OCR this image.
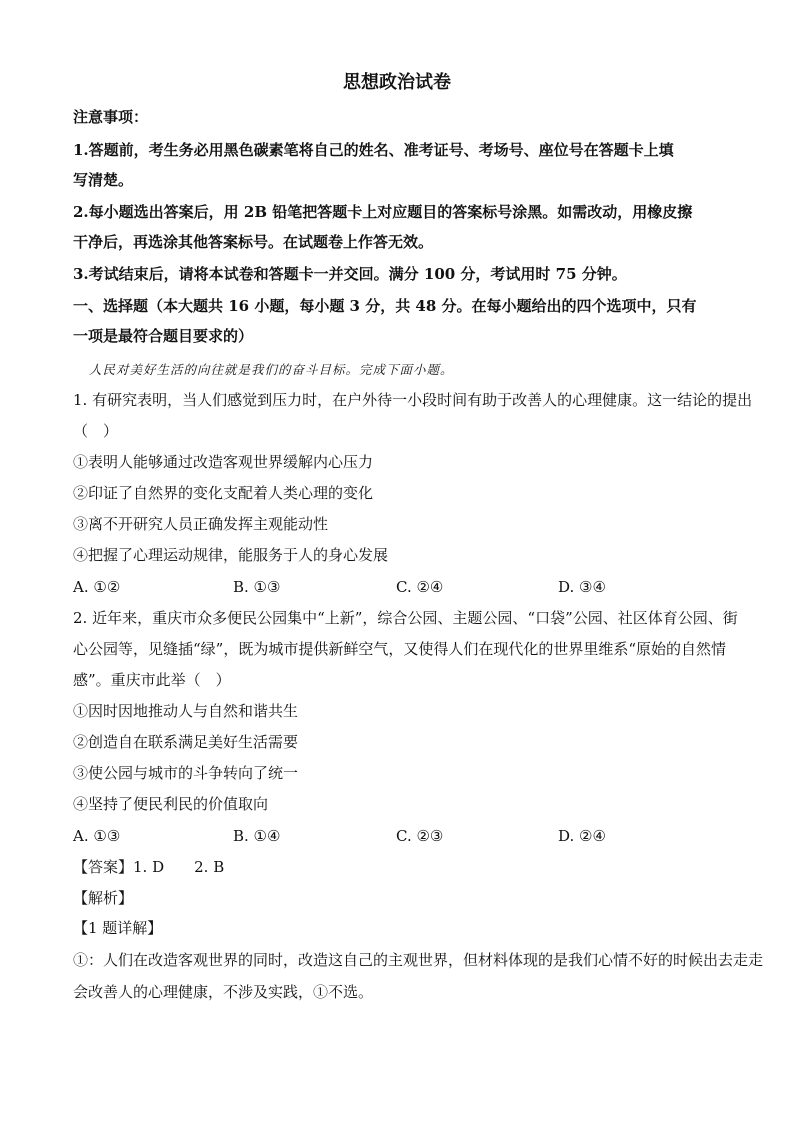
思想政治试卷
注意事项：
1.答题前，考生务必用黑色碳素笔将自己的姓名、准考证号、考场号、座位号在答题卡上填
写清楚。
2.每小题选出答案后，用 2B 铅笔把答题卡上对应题目的答案标号涂黑。如需改动，用橡皮擦
干净后，再选涂其他答案标号。在试题卷上作答无效。
3.考试结束后，请将本试卷和答题卡一并交回。满分 100 分，考试用时 75 分钟。
一、选择题（本大题共 16 小题，每小题 3 分，共 48 分。在每小题给出的四个选项中，只有
一项是最符合题目要求的）
人民对美好生活的向往就是我们的奋斗目标。完成下面小题。
1. 有研究表明，当人们感觉到压力时，在户外待一小段时间有助于改善人的心理健康。这一结论的提出
（　）
①表明人能够通过改造客观世界缓解内心压力
②印证了自然界的变化支配着人类心理的变化
③离不开研究人员正确发挥主观能动性
④把握了心理运动规律，能服务于人的身心发展
A. ①②	B. ①③	C. ②④	D. ③④
2. 近年来，重庆市众多便民公园集中“上新”，综合公园、主题公园、“口袋”公园、社区体育公园、街
心公园等，见缝插“绿”，既为城市提供新鲜空气，又使得人们在现代化的世界里维系“原始的自然情
感”。重庆市此举（　）
①因时因地推动人与自然和谐共生
②创造自在联系满足美好生活需要
③使公园与城市的斗争转向了统一
④坚持了便民利民的价值取向
A. ①③	B. ①④	C. ②③	D. ②④
【答案】1. D　　2. B
【解析】
【1 题详解】
①：人们在改造客观世界的同时，改造这自己的主观世界，但材料体现的是我们心情不好的时候出去走走
会改善人的心理健康，不涉及实践，①不选。
